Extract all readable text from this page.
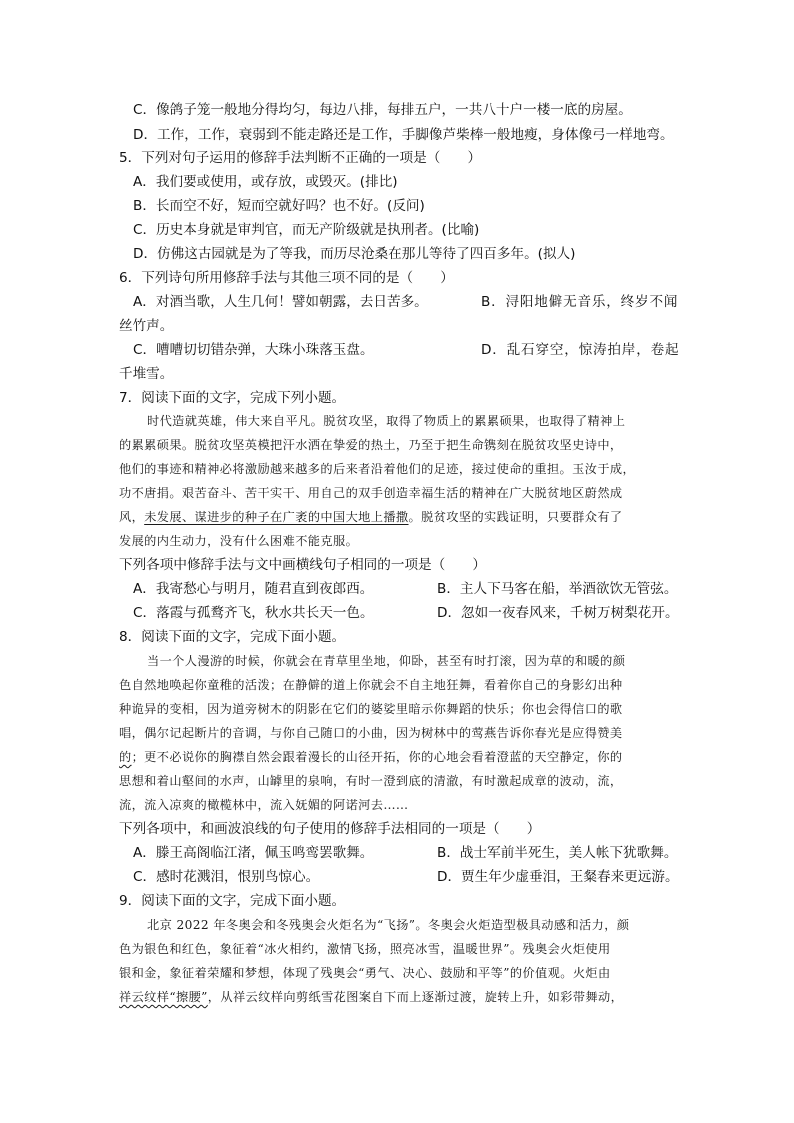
C．像鸽子笼一般地分得均匀，每边八排，每排五户，一共八十户一楼一底的房屋。
D．工作，工作，衰弱到不能走路还是工作，手脚像芦柴棒一般地瘦，身体像弓一样地弯。
5．下列对句子运用的修辞手法判断不正确的一项是（　　）
A．我们要或使用，或存放，或毁灭。(排比)
B．长而空不好，短而空就好吗？也不好。(反问)
C．历史本身就是审判官，而无产阶级就是执刑者。(比喻)
D．仿佛这古园就是为了等我，而历尽沧桑在那儿等待了四百多年。(拟人)
6．下列诗句所用修辞手法与其他三项不同的是（　　）
A．对酒当歌，人生几何！譬如朝露，去日苦多。	B．浔阳地僻无音乐，终岁不闻
丝竹声。
C．嘈嘈切切错杂弹，大珠小珠落玉盘。	D．乱石穿空，惊涛拍岸，卷起
千堆雪。
7．阅读下面的文字，完成下列小题。
时代造就英雄，伟大来自平凡。脱贫攻坚，取得了物质上的累累硕果，也取得了精神上
的累累硕果。脱贫攻坚英模把汗水洒在挚爱的热土，乃至于把生命镌刻在脱贫攻坚史诗中，
他们的事迹和精神必将激励越来越多的后来者沿着他们的足迹，接过使命的重担。玉汝于成，
功不唐捐。艰苦奋斗、苦干实干、用自己的双手创造幸福生活的精神在广大脱贫地区蔚然成
风，未发展、谋进步的种子在广袤的中国大地上播撒。脱贫攻坚的实践证明，只要群众有了
发展的内生动力，没有什么困难不能克服。
下列各项中修辞手法与文中画横线句子相同的一项是（　　）
A．我寄愁心与明月，随君直到夜郎西。	B．主人下马客在船，举酒欲饮无管弦。
C．落霞与孤鹜齐飞，秋水共长天一色。	D．忽如一夜春风来，千树万树梨花开。
8．阅读下面的文字，完成下面小题。
当一个人漫游的时候，你就会在青草里坐地，仰卧，甚至有时打滚，因为草的和暖的颜
色自然地唤起你童稚的活泼；在静僻的道上你就会不自主地狂舞，看着你自己的身影幻出种
种诡异的变相，因为道旁树木的阴影在它们的婆娑里暗示你舞蹈的快乐；你也会得信口的歌
唱，偶尔记起断片的音调，与你自己随口的小曲，因为树林中的莺燕告诉你春光是应得赞美
的；更不必说你的胸襟自然会跟着漫长的山径开拓，你的心地会看着澄蓝的天空静定，你的
思想和着山壑间的水声，山罅里的泉响，有时一澄到底的清澈，有时激起成章的波动，流，
流，流入凉爽的橄榄林中，流入妩媚的阿诺河去……
下列各项中，和画波浪线的句子使用的修辞手法相同的一项是（　　）
A．滕王高阁临江渚，佩玉鸣鸾罢歌舞。	B．战士军前半死生，美人帐下犹歌舞。
C．感时花溅泪，恨别鸟惊心。	D．贾生年少虚垂泪，王粲春来更远游。
9．阅读下面的文字，完成下面小题。
北京 2022 年冬奥会和冬残奥会火炬名为“飞扬”。冬奥会火炬造型极具动感和活力，颜
色为银色和红色，象征着“冰火相约，激情飞扬，照亮冰雪，温暖世界”。残奥会火炬使用
银和金，象征着荣耀和梦想，体现了残奥会“勇气、决心、鼓励和平等”的价值观。火炬由
祥云纹样“擦腰”，从祥云纹样向剪纸雪花图案自下而上逐渐过渡，旋转上升，如彩带舞动，
